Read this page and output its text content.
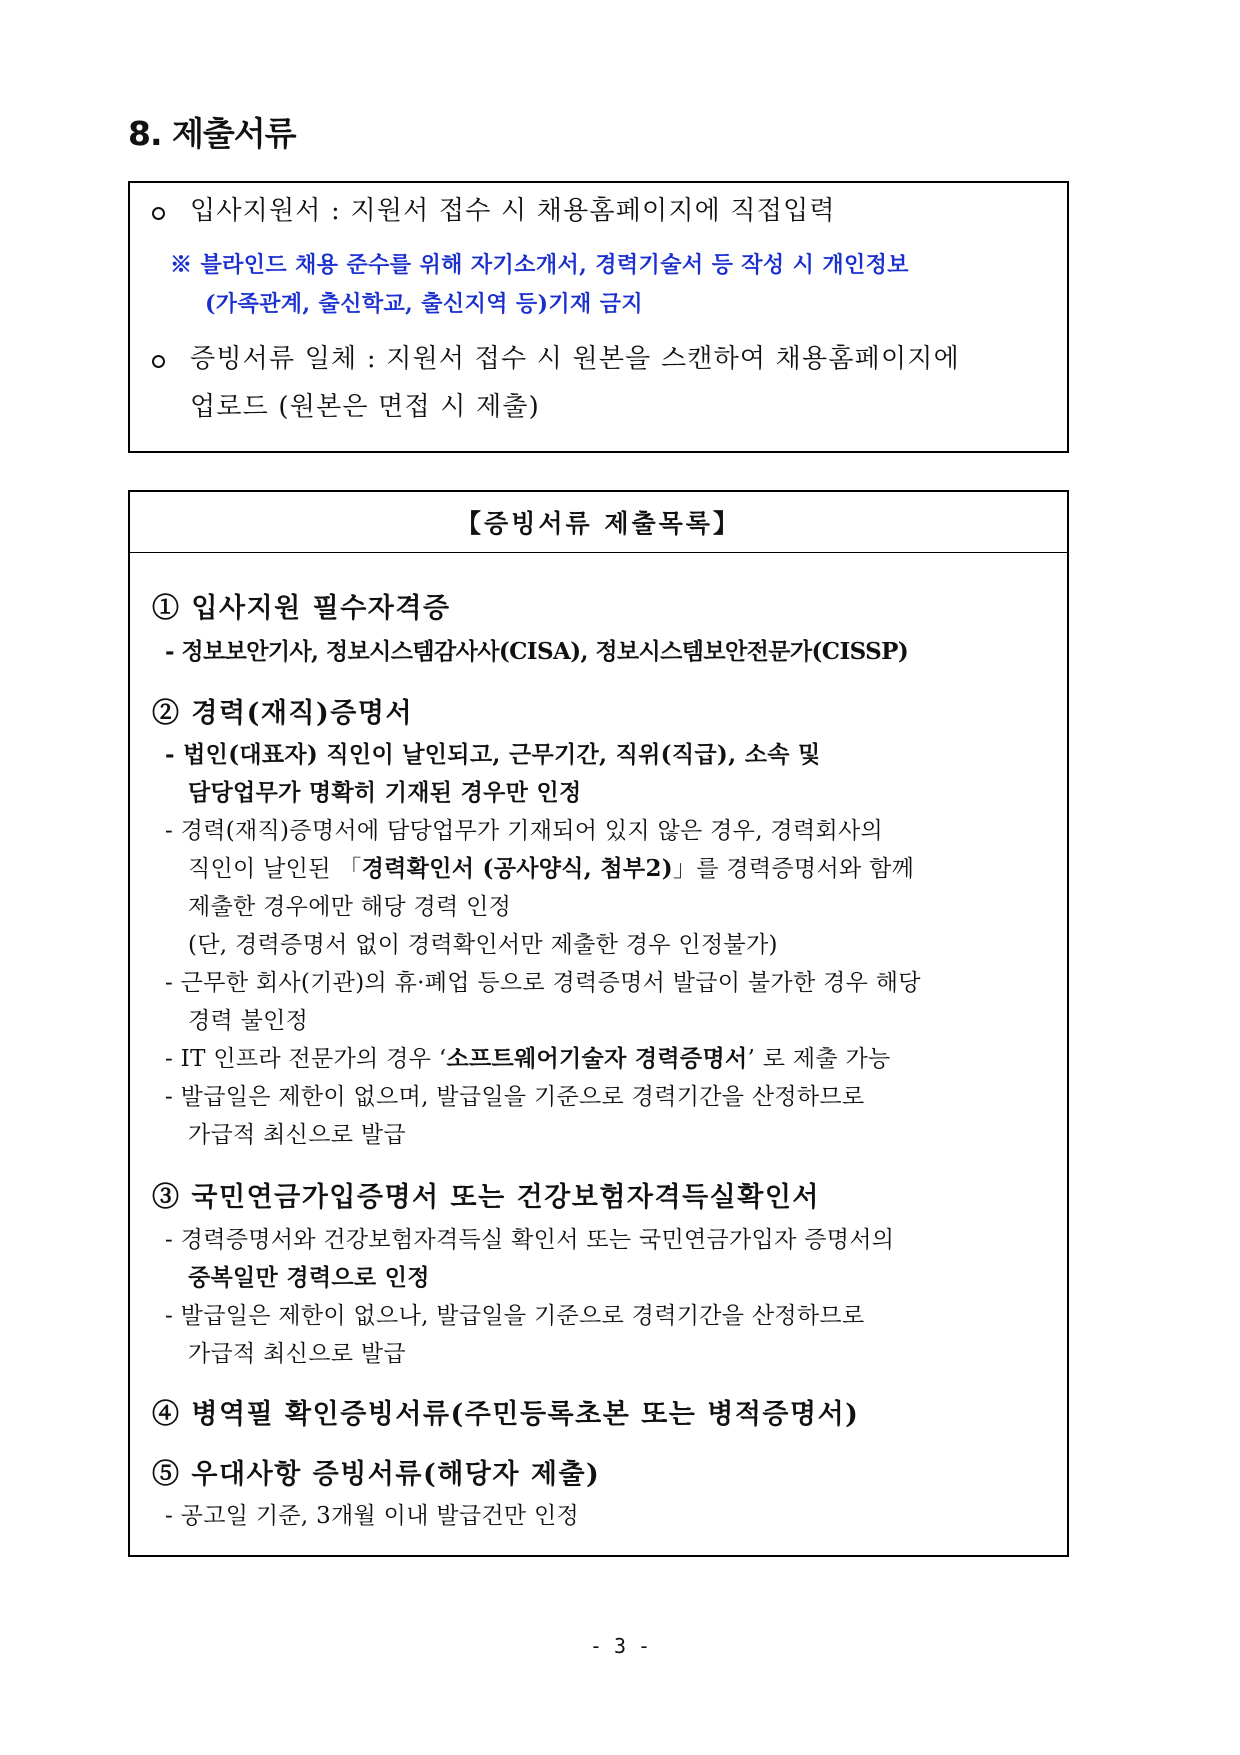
8. 제출서류
입사지원서 : 지원서 접수 시 채용홈페이지에 직접입력
※ 블라인드 채용 준수를 위해 자기소개서, 경력기술서 등 작성 시 개인정보
(가족관계, 출신학교, 출신지역 등)기재 금지
증빙서류 일체 : 지원서 접수 시 원본을 스캔하여 채용홈페이지에
업로드 (원본은 면접 시 제출)
【증빙서류 제출목록】
① 입사지원 필수자격증
- 정보보안기사, 정보시스템감사사(CISA), 정보시스템보안전문가(CISSP)
② 경력(재직)증명서
- 법인(대표자) 직인이 날인되고, 근무기간, 직위(직급), 소속 및
담당업무가 명확히 기재된 경우만 인정
- 경력(재직)증명서에 담당업무가 기재되어 있지 않은 경우, 경력회사의
직인이 날인된 「경력확인서 (공사양식, 첨부2)」를 경력증명서와 함께
제출한 경우에만 해당 경력 인정
(단, 경력증명서 없이 경력확인서만 제출한 경우 인정불가)
- 근무한 회사(기관)의 휴·폐업 등으로 경력증명서 발급이 불가한 경우 해당
경력 불인정
- IT 인프라 전문가의 경우 ‘소프트웨어기술자 경력증명서’ 로 제출 가능
- 발급일은 제한이 없으며, 발급일을 기준으로 경력기간을 산정하므로
가급적 최신으로 발급
③ 국민연금가입증명서 또는 건강보험자격득실확인서
- 경력증명서와 건강보험자격득실 확인서 또는 국민연금가입자 증명서의
중복일만 경력으로 인정
- 발급일은 제한이 없으나, 발급일을 기준으로 경력기간을 산정하므로
가급적 최신으로 발급
④ 병역필 확인증빙서류(주민등록초본 또는 병적증명서)
⑤ 우대사항 증빙서류(해당자 제출)
- 공고일 기준, 3개월 이내 발급건만 인정
- 3 -
